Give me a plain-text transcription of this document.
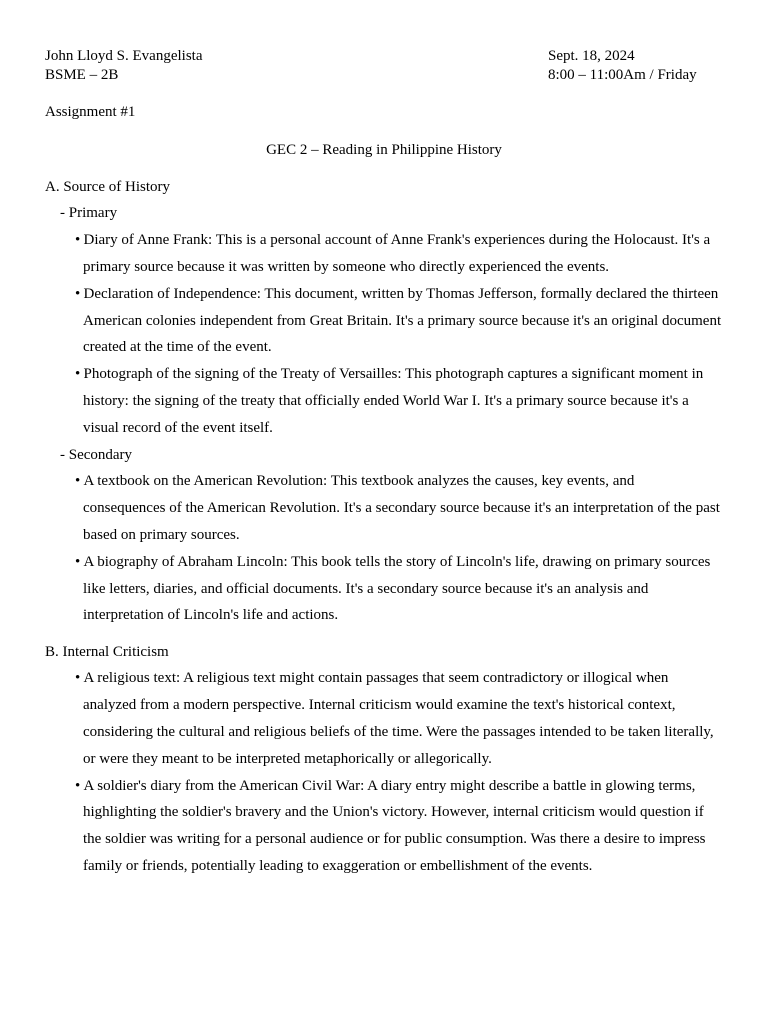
John Lloyd S. Evangelista
BSME – 2B
Sept. 18, 2024
8:00 – 11:00Am / Friday
Assignment #1
GEC 2 – Reading in Philippine History
A. Source of History
- Primary
• Diary of Anne Frank: This is a personal account of Anne Frank's experiences during the Holocaust. It's a
primary source because it was written by someone who directly experienced the events.
• Declaration of Independence: This document, written by Thomas Jefferson, formally declared the thirteen
American colonies independent from Great Britain. It's a primary source because it's an original document
created at the time of the event.
• Photograph of the signing of the Treaty of Versailles: This photograph captures a significant moment in
history: the signing of the treaty that officially ended World War I. It's a primary source because it's a
visual record of the event itself.
- Secondary
• A textbook on the American Revolution: This textbook analyzes the causes, key events, and
consequences of the American Revolution. It's a secondary source because it's an interpretation of the past
based on primary sources.
• A biography of Abraham Lincoln: This book tells the story of Lincoln's life, drawing on primary sources
like letters, diaries, and official documents. It's a secondary source because it's an analysis and
interpretation of Lincoln's life and actions.
B. Internal Criticism
• A religious text: A religious text might contain passages that seem contradictory or illogical when
analyzed from a modern perspective. Internal criticism would examine the text's historical context,
considering the cultural and religious beliefs of the time. Were the passages intended to be taken literally,
or were they meant to be interpreted metaphorically or allegorically.
• A soldier's diary from the American Civil War: A diary entry might describe a battle in glowing terms,
highlighting the soldier's bravery and the Union's victory. However, internal criticism would question if
the soldier was writing for a personal audience or for public consumption. Was there a desire to impress
family or friends, potentially leading to exaggeration or embellishment of the events.
